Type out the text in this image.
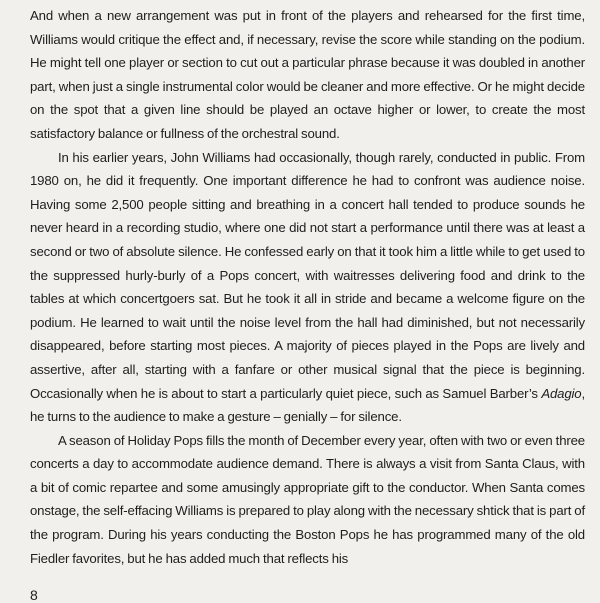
And when a new arrangement was put in front of the players and rehearsed for the first time, Williams would critique the effect and, if necessary, revise the score while standing on the podium. He might tell one player or section to cut out a particular phrase because it was doubled in another part, when just a single instrumental color would be cleaner and more effective. Or he might decide on the spot that a given line should be played an octave higher or lower, to create the most satisfactory balance or fullness of the orchestral sound.

In his earlier years, John Williams had occasionally, though rarely, conducted in public. From 1980 on, he did it frequently. One important difference he had to confront was audience noise. Having some 2,500 people sitting and breathing in a concert hall tended to produce sounds he never heard in a recording studio, where one did not start a performance until there was at least a second or two of absolute silence. He confessed early on that it took him a little while to get used to the suppressed hurly-burly of a Pops concert, with waitresses delivering food and drink to the tables at which concertgoers sat. But he took it all in stride and became a welcome figure on the podium. He learned to wait until the noise level from the hall had diminished, but not necessarily disappeared, before starting most pieces. A majority of pieces played in the Pops are lively and assertive, after all, starting with a fanfare or other musical signal that the piece is beginning. Occasionally when he is about to start a particularly quiet piece, such as Samuel Barber’s Adagio, he turns to the audience to make a gesture – genially – for silence.

A season of Holiday Pops fills the month of December every year, often with two or even three concerts a day to accommodate audience demand. There is always a visit from Santa Claus, with a bit of comic repartee and some amusingly appropriate gift to the conductor. When Santa comes onstage, the self-effacing Williams is prepared to play along with the necessary shtick that is part of the program. During his years conducting the Boston Pops he has programmed many of the old Fiedler favorites, but he has added much that reflects his

8
